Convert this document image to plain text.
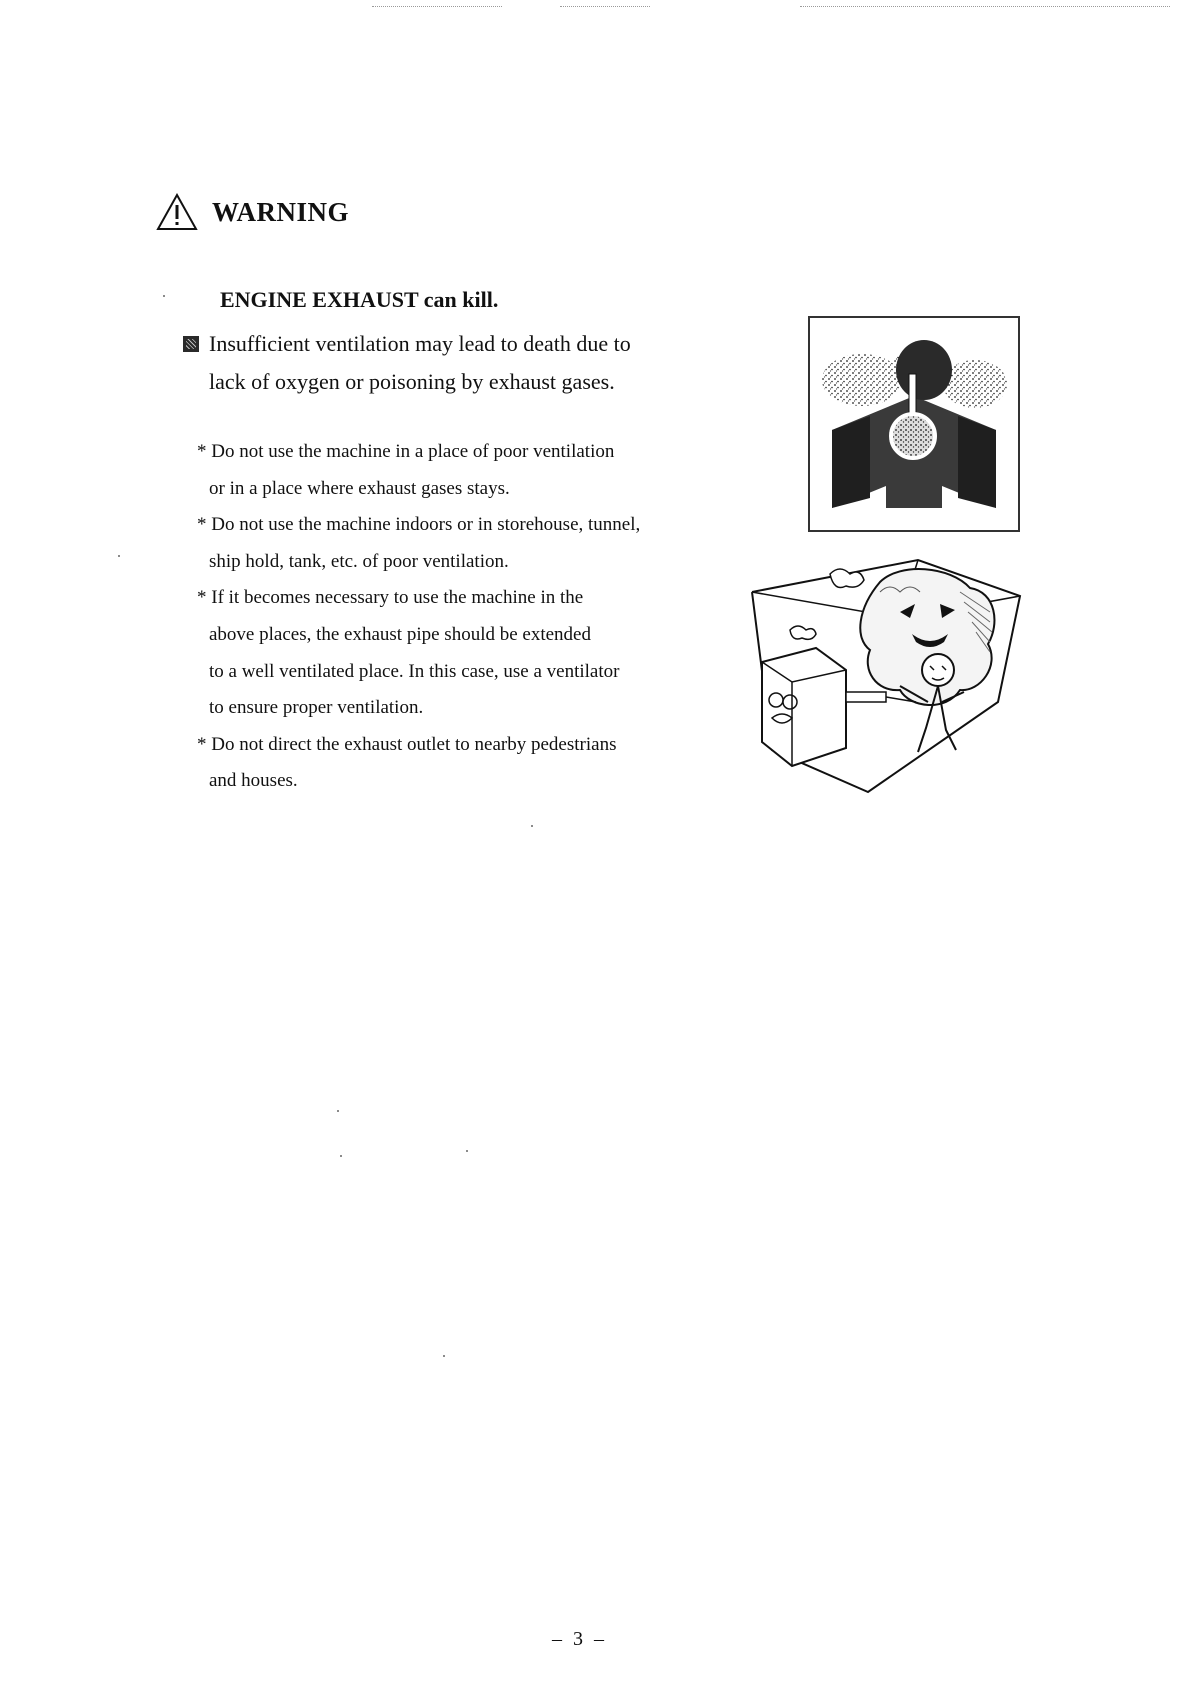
WARNING
ENGINE EXHAUST can kill.
Insufficient ventilation may lead to death due to
lack of oxygen or poisoning by exhaust gases.
* Do not use the machine in a place of poor ventilation
or in a place where exhaust gases stays.
* Do not use the machine indoors or in storehouse, tunnel,
ship hold, tank, etc. of poor ventilation.
* If it becomes necessary to use the machine in the
above places, the exhaust pipe should be extended
to a well ventilated place. In this case, use a ventilator
to ensure proper ventilation.
* Do not direct the exhaust outlet to nearby pedestrians
and houses.
– 3 –
